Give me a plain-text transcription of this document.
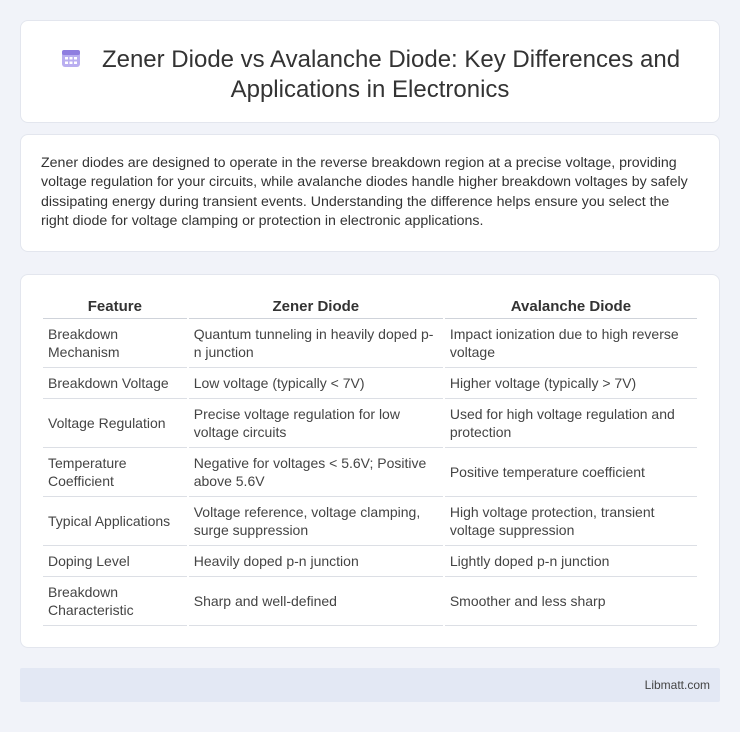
Zener Diode vs Avalanche Diode: Key Differences and Applications in Electronics

Zener diodes are designed to operate in the reverse breakdown region at a precise voltage, providing voltage regulation for your circuits, while avalanche diodes handle higher breakdown voltages by safely dissipating energy during transient events. Understanding the difference helps ensure you select the right diode for voltage clamping or protection in electronic applications.

Feature	Zener Diode	Avalanche Diode
Breakdown Mechanism	Quantum tunneling in heavily doped p-n junction	Impact ionization due to high reverse voltage
Breakdown Voltage	Low voltage (typically < 7V)	Higher voltage (typically > 7V)
Voltage Regulation	Precise voltage regulation for low voltage circuits	Used for high voltage regulation and protection
Temperature Coefficient	Negative for voltages < 5.6V; Positive above 5.6V	Positive temperature coefficient
Typical Applications	Voltage reference, voltage clamping, surge suppression	High voltage protection, transient voltage suppression
Doping Level	Heavily doped p-n junction	Lightly doped p-n junction
Breakdown Characteristic	Sharp and well-defined	Smoother and less sharp
Libmatt.com
